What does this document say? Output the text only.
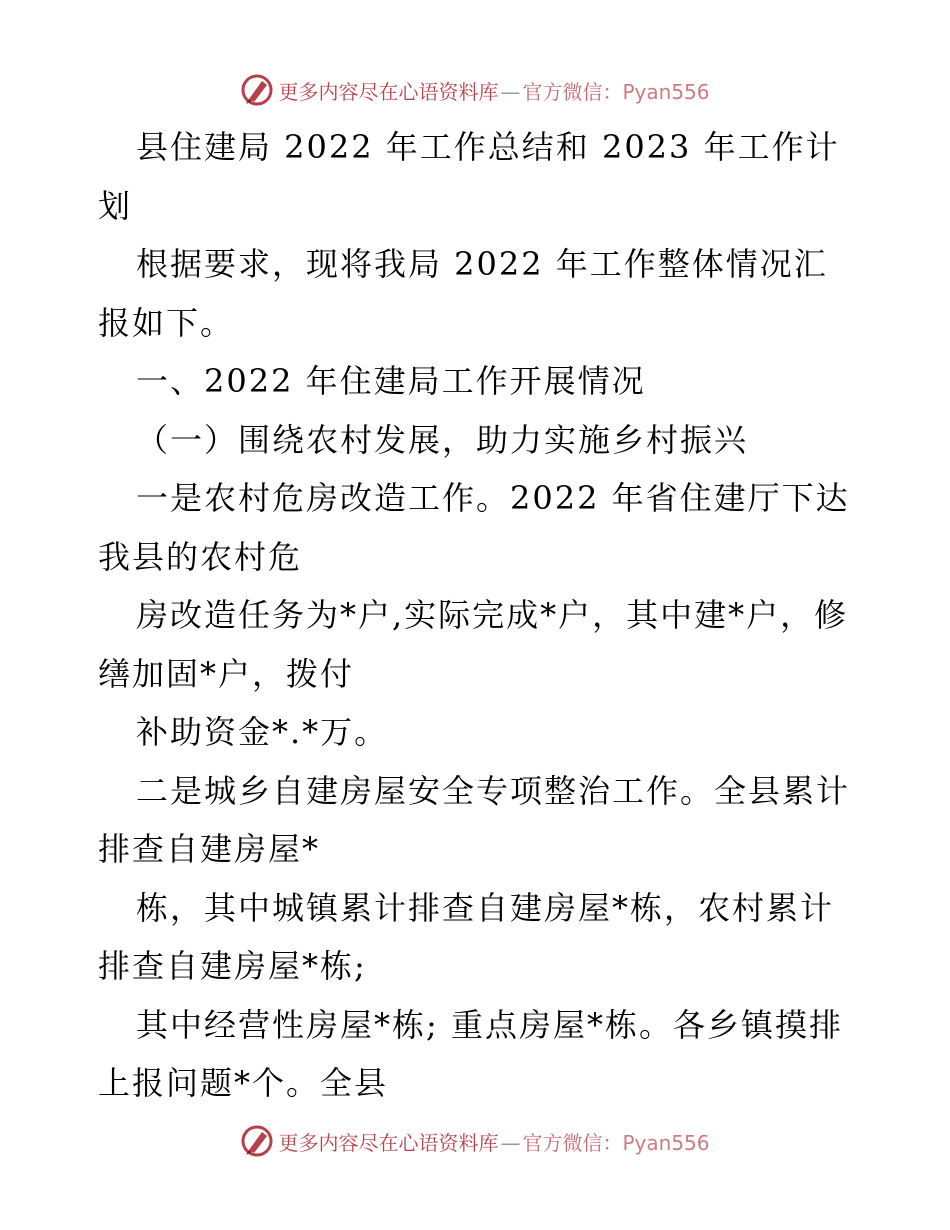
更多内容尽在心语资料库 — 官方微信：Pyan556

县住建局 2022 年工作总结和 2023 年工作计划

根据要求，现将我局 2022 年工作整体情况汇报如下。

一、2022 年住建局工作开展情况

（一）围绕农村发展，助力实施乡村振兴

一是农村危房改造工作。2022 年省住建厅下达我县的农村危

房改造任务为*户,实际完成*户，其中建*户，修缮加固*户，拨付

补助资金*.*万。

二是城乡自建房屋安全专项整治工作。全县累计排查自建房屋*

栋，其中城镇累计排查自建房屋*栋，农村累计排查自建房屋*栋;

其中经营性房屋*栋; 重点房屋*栋。各乡镇摸排上报问题*个。全县

更多内容尽在心语资料库 — 官方微信：Pyan556
